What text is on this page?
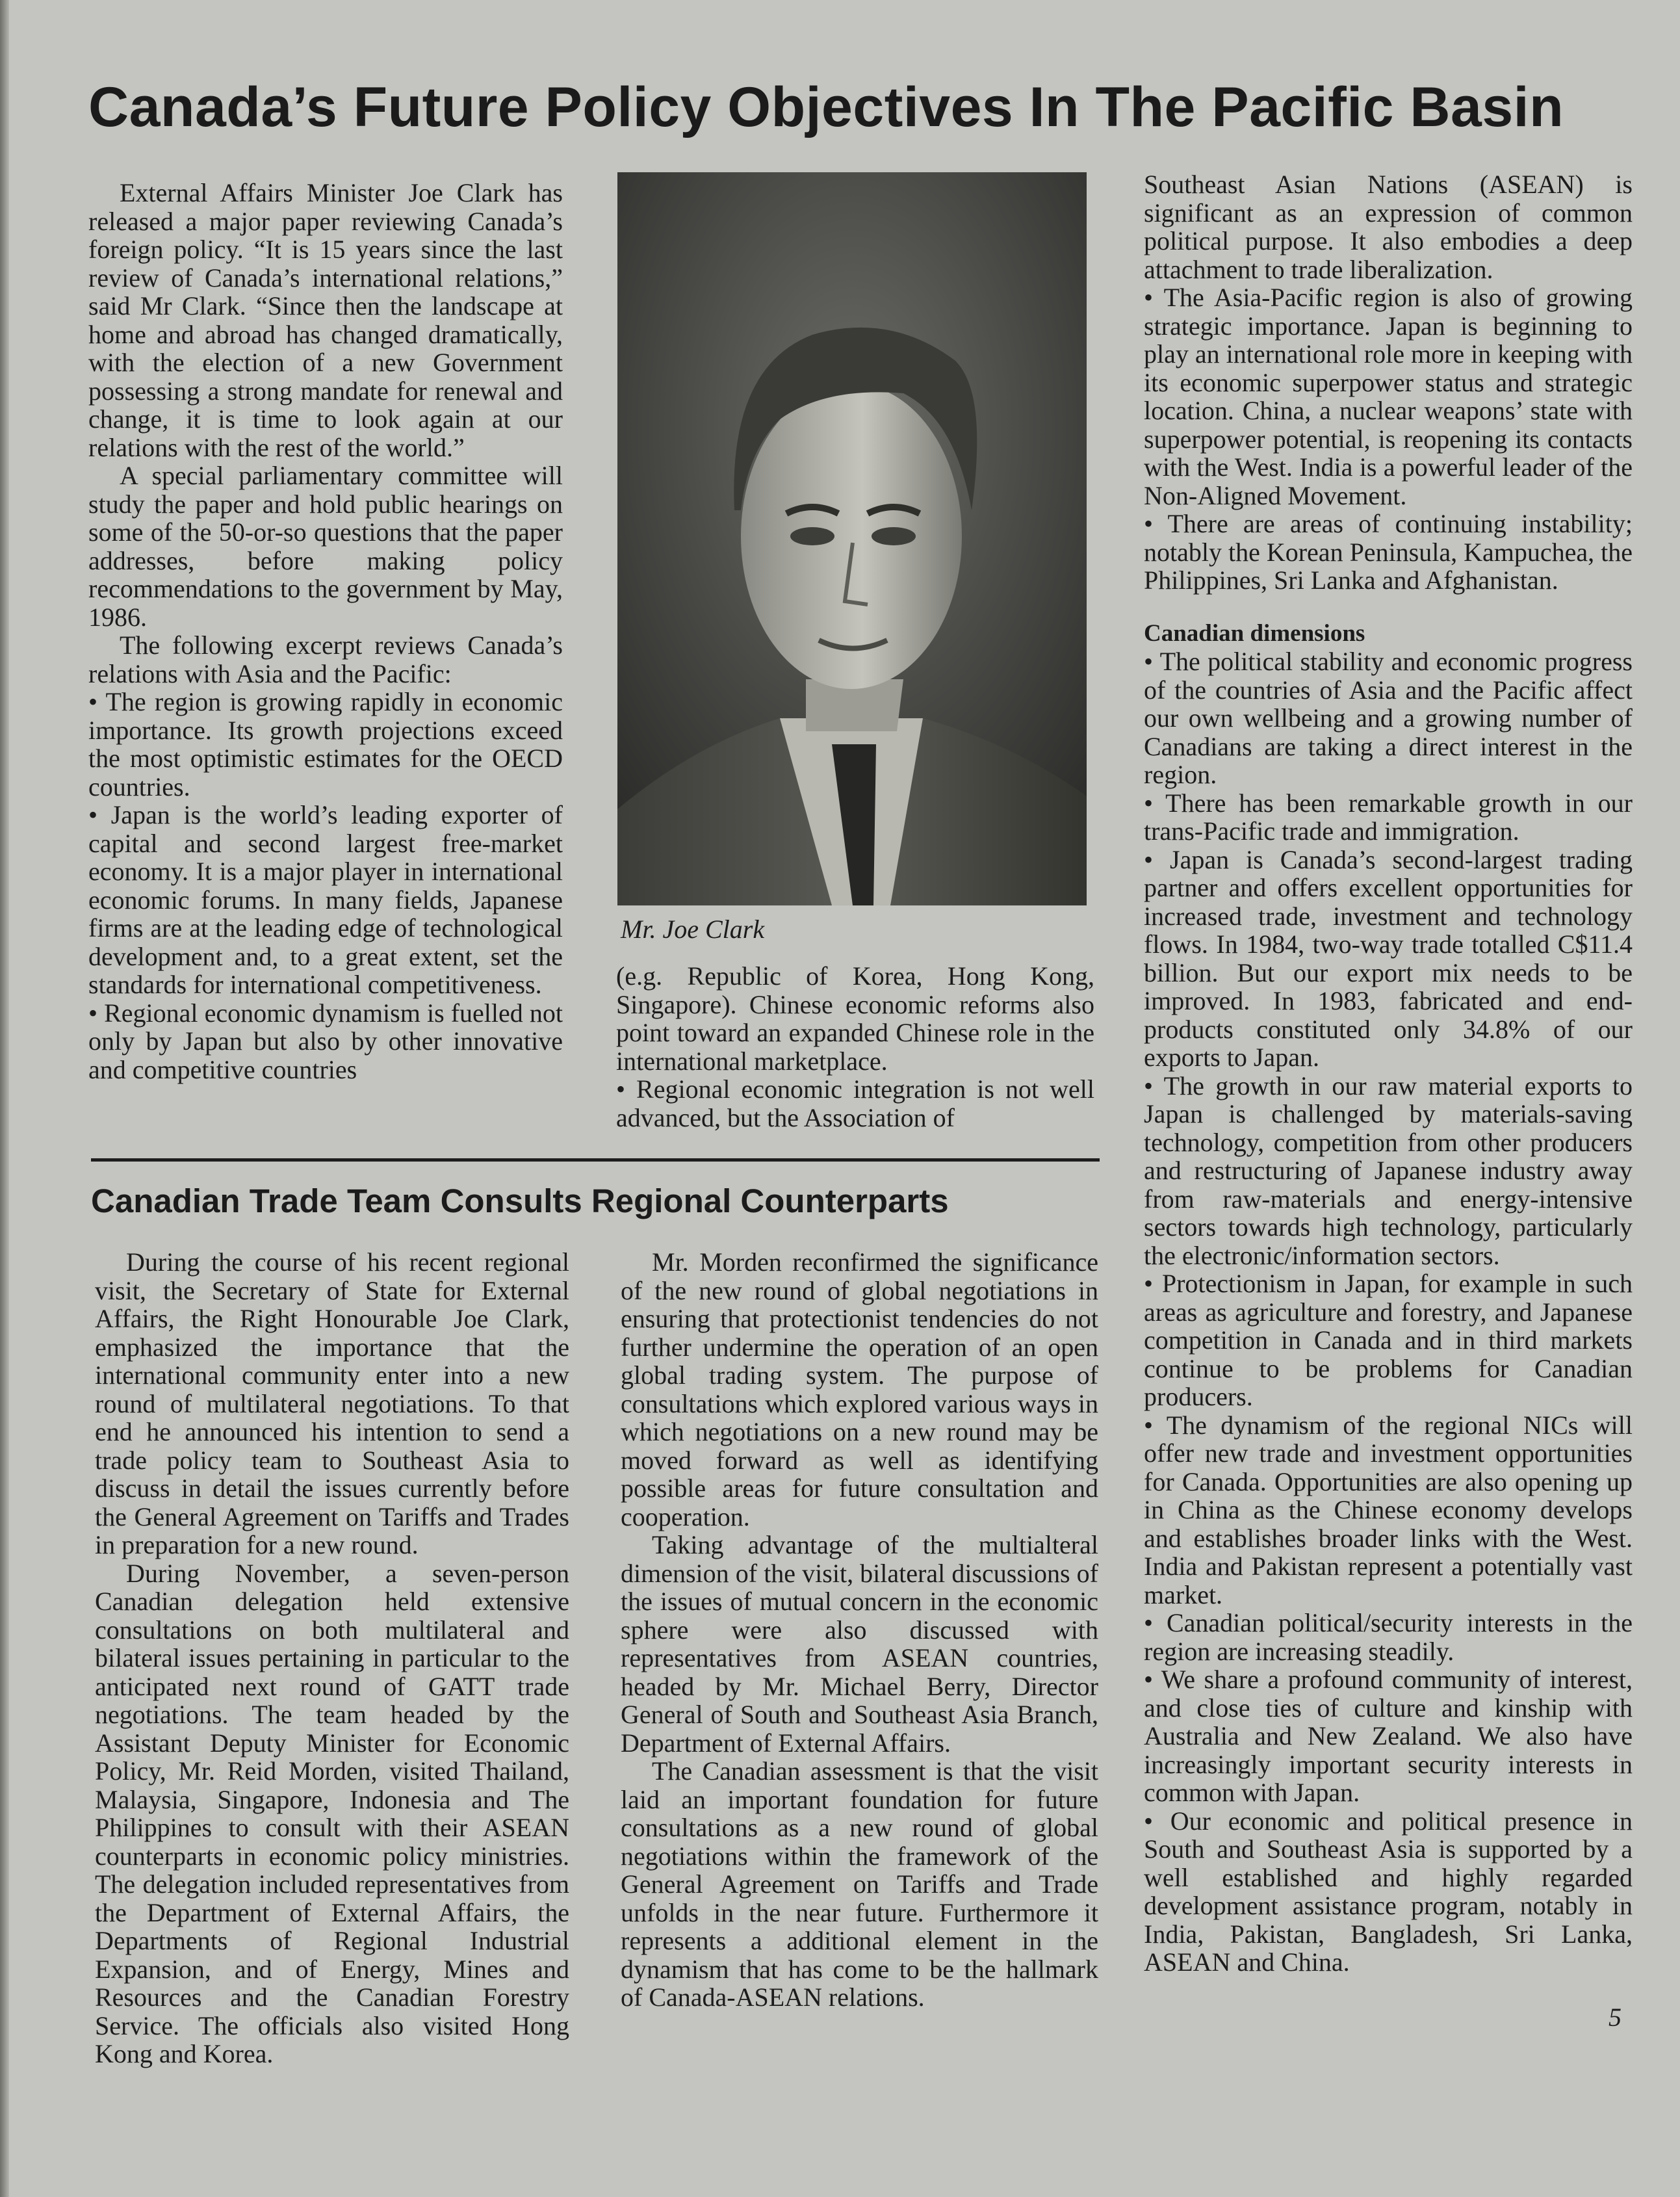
Canada’s Future Policy Objectives In The Pacific Basin

External Affairs Minister Joe Clark has released a major paper reviewing Canada’s foreign policy. “It is 15 years since the last review of Canada’s international relations,” said Mr Clark. “Since then the landscape at home and abroad has changed dramatically, with the election of a new Government possessing a strong mandate for renewal and change, it is time to look again at our relations with the rest of the world.”

A special parliamentary committee will study the paper and hold public hearings on some of the 50-or-so questions that the paper addresses, before making policy recommendations to the government by May, 1986.

The following excerpt reviews Canada’s relations with Asia and the Pacific:

• The region is growing rapidly in economic importance. Its growth projections exceed the most optimistic estimates for the OECD countries.

• Japan is the world’s leading exporter of capital and second largest free-market economy. It is a major player in international economic forums. In many fields, Japanese firms are at the leading edge of technological development and, to a great extent, set the standards for international competitiveness.

• Regional economic dynamism is fuelled not only by Japan but also by other innovative and competitive countries

Mr. Joe Clark

(e.g. Republic of Korea, Hong Kong, Singapore). Chinese economic reforms also point toward an expanded Chinese role in the international marketplace.

• Regional economic integration is not well advanced, but the Association of

Southeast Asian Nations (ASEAN) is significant as an expression of common political purpose. It also embodies a deep attachment to trade liberalization.

• The Asia-Pacific region is also of growing strategic importance. Japan is beginning to play an international role more in keeping with its economic superpower status and strategic location. China, a nuclear weapons’ state with superpower potential, is reopening its contacts with the West. India is a powerful leader of the Non-Aligned Movement.

• There are areas of continuing instability; notably the Korean Peninsula, Kampuchea, the Philippines, Sri Lanka and Afghanistan.

Canadian dimensions

• The political stability and economic progress of the countries of Asia and the Pacific affect our own wellbeing and a growing number of Canadians are taking a direct interest in the region.

• There has been remarkable growth in our trans-Pacific trade and immigration.

• Japan is Canada’s second-largest trading partner and offers excellent opportunities for increased trade, investment and technology flows. In 1984, two-way trade totalled C$11.4 billion. But our export mix needs to be improved. In 1983, fabricated and end-products constituted only 34.8% of our exports to Japan.

• The growth in our raw material exports to Japan is challenged by materials-saving technology, competition from other producers and restructuring of Japanese industry away from raw-materials and energy-intensive sectors towards high technology, particularly the electronic/information sectors.

• Protectionism in Japan, for example in such areas as agriculture and forestry, and Japanese competition in Canada and in third markets continue to be problems for Canadian producers.

• The dynamism of the regional NICs will offer new trade and investment opportunities for Canada. Opportunities are also opening up in China as the Chinese economy develops and establishes broader links with the West. India and Pakistan represent a potentially vast market.

• Canadian political/security interests in the region are increasing steadily.

• We share a profound community of interest, and close ties of culture and kinship with Australia and New Zealand. We also have increasingly important security interests in common with Japan.

• Our economic and political presence in South and Southeast Asia is supported by a well established and highly regarded development assistance program, notably in India, Pakistan, Bangladesh, Sri Lanka, ASEAN and China.

Canadian Trade Team Consults Regional Counterparts

During the course of his recent regional visit, the Secretary of State for External Affairs, the Right Honourable Joe Clark, emphasized the importance that the international community enter into a new round of multilateral negotiations. To that end he announced his intention to send a trade policy team to Southeast Asia to discuss in detail the issues currently before the General Agreement on Tariffs and Trades in preparation for a new round.

During November, a seven-person Canadian delegation held extensive consultations on both multilateral and bilateral issues pertaining in particular to the anticipated next round of GATT trade negotiations. The team headed by the Assistant Deputy Minister for Economic Policy, Mr. Reid Morden, visited Thailand, Malaysia, Singapore, Indonesia and The Philippines to consult with their ASEAN counterparts in economic policy ministries. The delegation included representatives from the Department of External Affairs, the Departments of Regional Industrial Expansion, and of Energy, Mines and Resources and the Canadian Forestry Service. The officials also visited Hong Kong and Korea.

Mr. Morden reconfirmed the significance of the new round of global negotiations in ensuring that protectionist tendencies do not further undermine the operation of an open global trading system. The purpose of consultations which explored various ways in which negotiations on a new round may be moved forward as well as identifying possible areas for future consultation and cooperation.

Taking advantage of the multialteral dimension of the visit, bilateral discussions of the issues of mutual concern in the economic sphere were also discussed with representatives from ASEAN countries, headed by Mr. Michael Berry, Director General of South and Southeast Asia Branch, Department of External Affairs.

The Canadian assessment is that the visit laid an important foundation for future consultations as a new round of global negotiations within the framework of the General Agreement on Tariffs and Trade unfolds in the near future. Furthermore it represents a additional element in the dynamism that has come to be the hallmark of Canada-ASEAN relations.

5
